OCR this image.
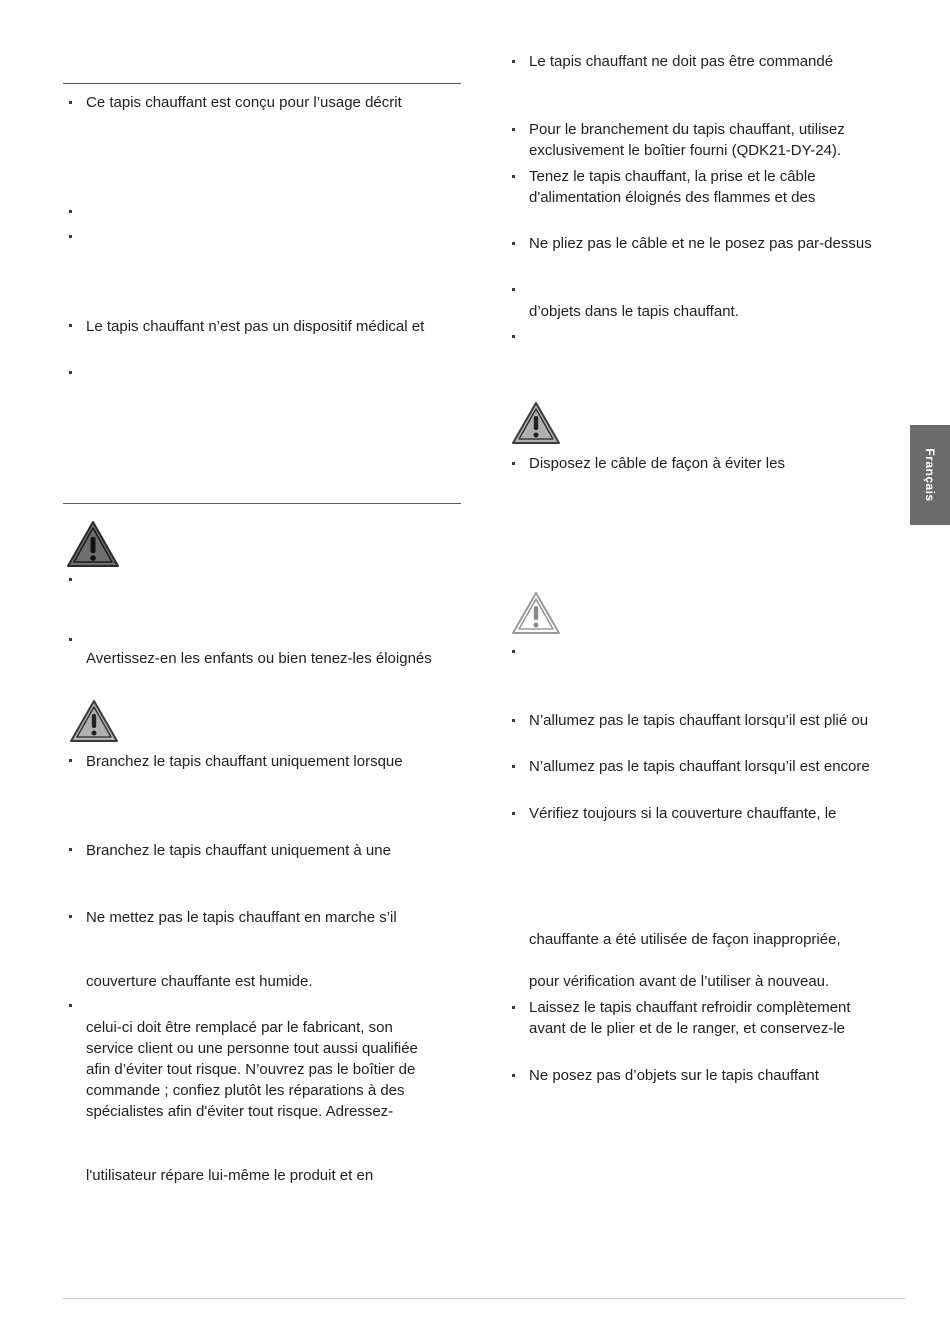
Français
Ce tapis chauffant est conçu pour l’usage décrit
Le tapis chauffant n’est pas un dispositif médical et
Avertissez-en les enfants ou bien tenez-les éloignés
Branchez le tapis chauffant uniquement lorsque
Branchez le tapis chauffant uniquement à une
Ne mettez pas le tapis chauffant en marche s’il
couverture chauffante est humide.
celui-ci doit être remplacé par le fabricant, son
service client ou une personne tout aussi qualifiée
afin d’éviter tout risque. N’ouvrez pas le boîtier de
commande ; confiez plutôt les réparations à des
spécialistes afin d'éviter tout risque. Adressez-
l'utilisateur répare lui-même le produit et en
Le tapis chauffant ne doit pas être commandé
Pour le branchement du tapis chauffant, utilisez
exclusivement le boîtier fourni (QDK21-DY-24).
Tenez le tapis chauffant, la prise et le câble
d'alimentation éloignés des flammes et des
Ne pliez pas le câble et ne le posez pas par-dessus
d’objets dans le tapis chauffant.
Disposez le câble de façon à éviter les
N’allumez pas le tapis chauffant lorsqu’il est plié ou
N’allumez pas le tapis chauffant lorsqu’il est encore
Vérifiez toujours si la couverture chauffante, le
chauffante a été utilisée de façon inappropriée,
pour vérification avant de l’utiliser à nouveau.
Laissez le tapis chauffant refroidir complètement
avant de le plier et de le ranger, et conservez-le
Ne posez pas d’objets sur le tapis chauffant
